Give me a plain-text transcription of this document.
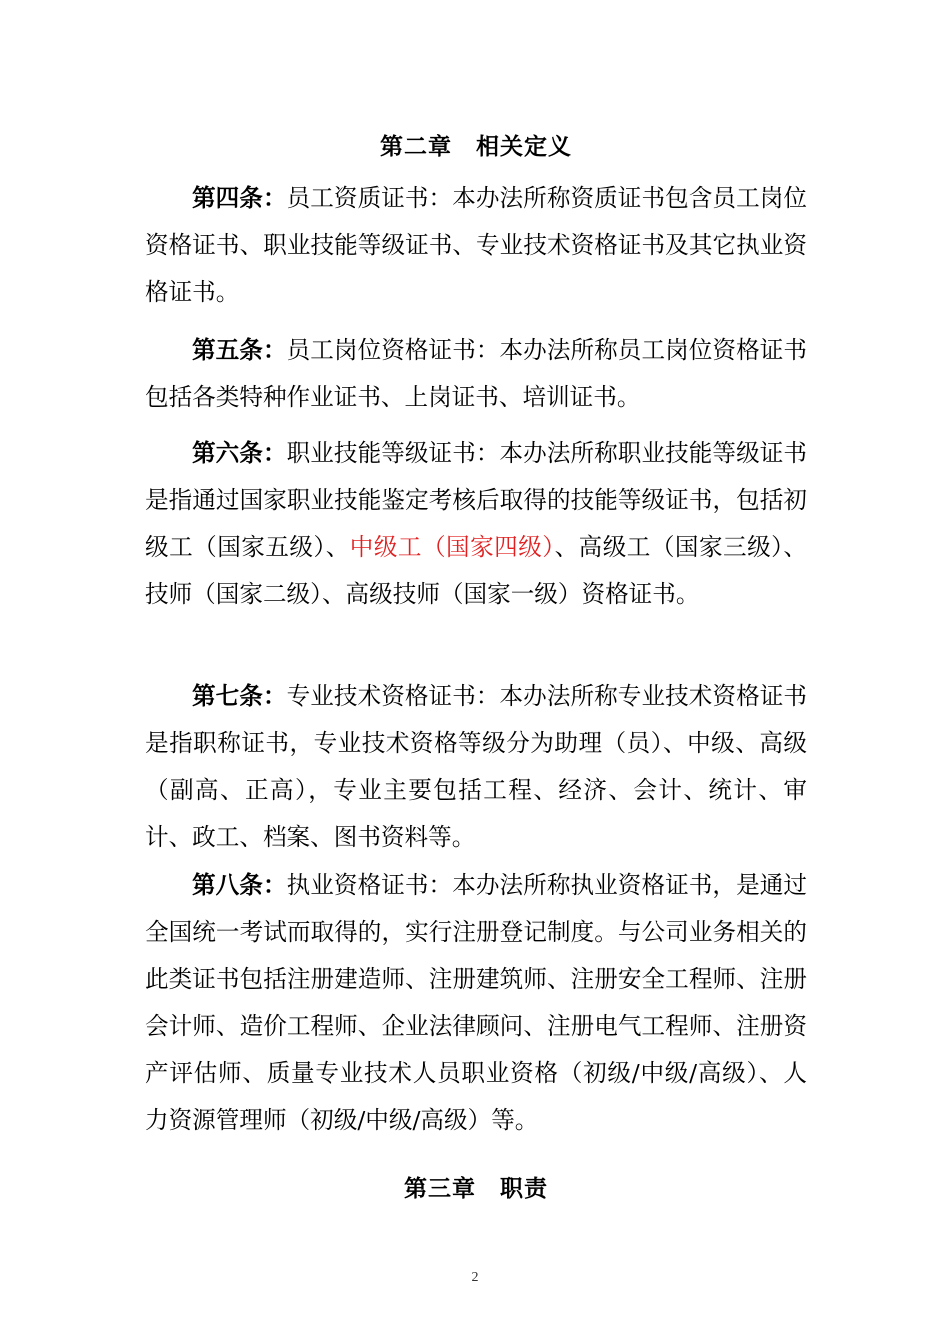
第二章 相关定义
第四条：员工资质证书：本办法所称资质证书包含员工岗位资格证书、职业技能等级证书、专业技术资格证书及其它执业资格证书。
第五条：员工岗位资格证书：本办法所称员工岗位资格证书包括各类特种作业证书、上岗证书、培训证书。
第六条：职业技能等级证书：本办法所称职业技能等级证书是指通过国家职业技能鉴定考核后取得的技能等级证书，包括初级工（国家五级）、中级工（国家四级）、高级工（国家三级）、技师（国家二级）、高级技师（国家一级）资格证书。
第七条：专业技术资格证书：本办法所称专业技术资格证书是指职称证书，专业技术资格等级分为助理（员）、中级、高级（副高、正高），专业主要包括工程、经济、会计、统计、审计、政工、档案、图书资料等。
第八条：执业资格证书：本办法所称执业资格证书，是通过全国统一考试而取得的，实行注册登记制度。与公司业务相关的此类证书包括注册建造师、注册建筑师、注册安全工程师、注册会计师、造价工程师、企业法律顾问、注册电气工程师、注册资产评估师、质量专业技术人员职业资格（初级/中级/高级）、人力资源管理师（初级/中级/高级）等。
第三章 职责
2
